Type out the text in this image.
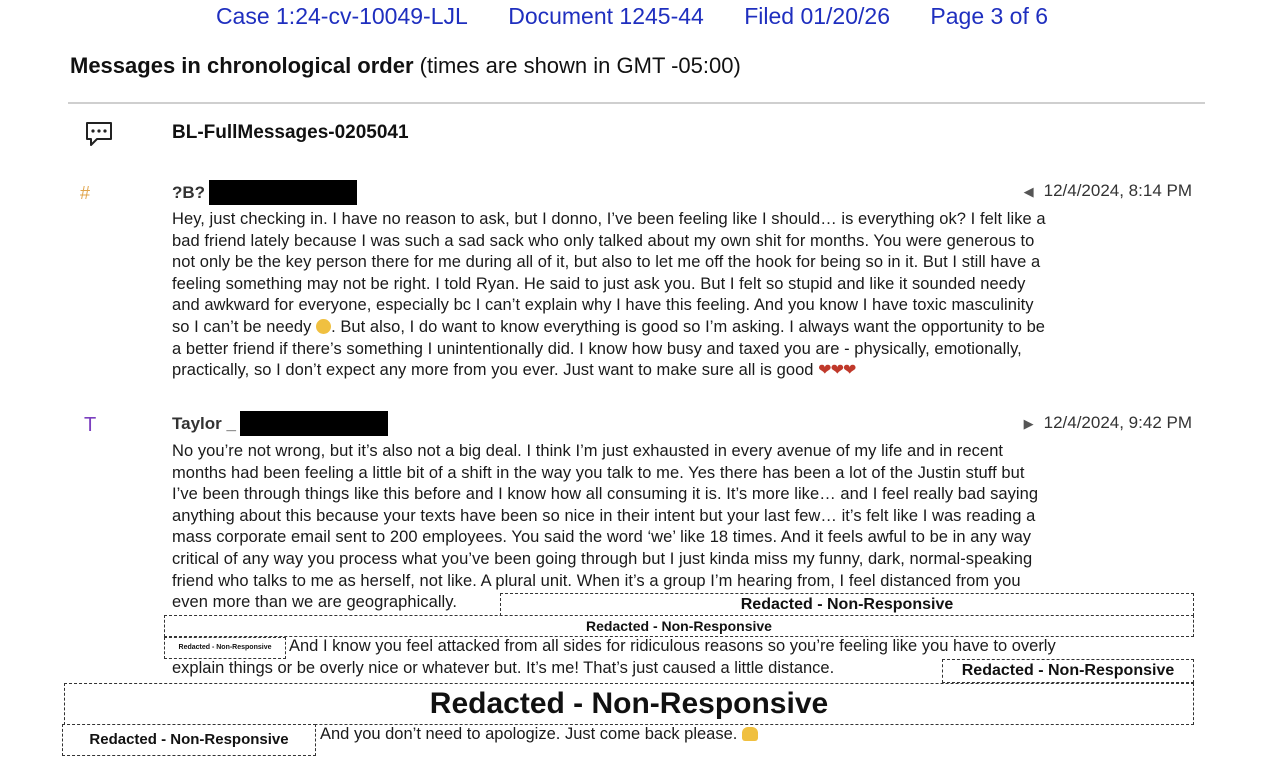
Case 1:24-cv-10049-LJL Document 1245-44 Filed 01/20/26 Page 3 of 6
Messages in chronological order (times are shown in GMT -05:00)
BL-FullMessages-0205041
#	?B?	◀ 12/4/2024, 8:14 PM
Hey, just checking in. I have no reason to ask, but I donno, I’ve been feeling like I should… is everything ok? I felt like a
bad friend lately because I was such a sad sack who only talked about my own shit for months. You were generous to
not only be the key person there for me during all of it, but also to let me off the hook for being so in it. But I still have a
feeling something may not be right. I told Ryan. He said to just ask you. But I felt so stupid and like it sounded needy
and awkward for everyone, especially bc I can’t explain why I have this feeling. And you know I have toxic masculinity
so I can’t be needy . But also, I do want to know everything is good so I’m asking. I always want the opportunity to be
a better friend if there’s something I unintentionally did. I know how busy and taxed you are - physically, emotionally,
practically, so I don’t expect any more from you ever. Just want to make sure all is good ❤❤❤
T	Taylor _	▶ 12/4/2024, 9:42 PM
No you’re not wrong, but it’s also not a big deal. I think I’m just exhausted in every avenue of my life and in recent
months had been feeling a little bit of a shift in the way you talk to me. Yes there has been a lot of the Justin stuff but
I’ve been through things like this before and I know how all consuming it is. It’s more like… and I feel really bad saying
anything about this because your texts have been so nice in their intent but your last few… it’s felt like I was reading a
mass corporate email sent to 200 employees. You said the word ‘we’ like 18 times. And it feels awful to be in any way
critical of any way you process what you’ve been going through but I just kinda miss my funny, dark, normal-speaking
friend who talks to me as herself, not like. A plural unit. When it’s a group I’m hearing from, I feel distanced from you
even more than we are geographically.	Redacted - Non-Responsive
Redacted - Non-Responsive
Redacted - Non-Responsive	And I know you feel attacked from all sides for ridiculous reasons so you’re feeling like you have to overly
explain things or be overly nice or whatever but. It’s me! That’s just caused a little distance.	Redacted - Non-Responsive
Redacted - Non-Responsive
Redacted - Non-Responsive	And you don’t need to apologize. Just come back please.
